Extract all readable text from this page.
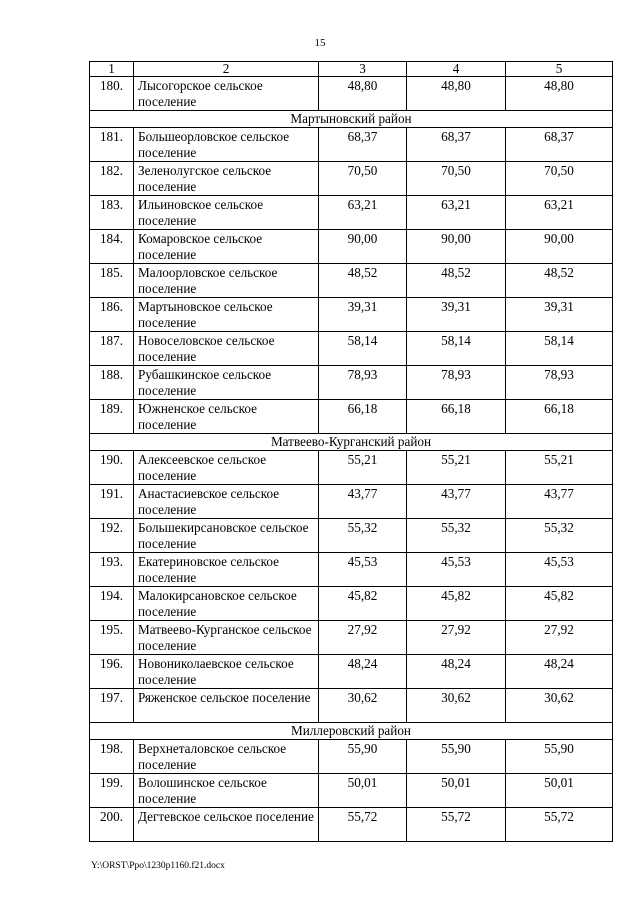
15
1	2	3	4	5
180.	Лысогорское сельское поселение	48,80	48,80	48,80
Мартыновский район				
181.	Большеорловское сельское поселение	68,37	68,37	68,37
182.	Зеленолугское сельское поселение	70,50	70,50	70,50
183.	Ильиновское сельское поселение	63,21	63,21	63,21
184.	Комаровское сельское поселение	90,00	90,00	90,00
185.	Малоорловское сельское поселение	48,52	48,52	48,52
186.	Мартыновское сельское поселение	39,31	39,31	39,31
187.	Новоселовское сельское поселение	58,14	58,14	58,14
188.	Рубашкинское сельское поселение	78,93	78,93	78,93
189.	Южненское сельское поселение	66,18	66,18	66,18
Матвеево-Курганский район				
190.	Алексеевское сельское поселение	55,21	55,21	55,21
191.	Анастасиевское сельское поселение	43,77	43,77	43,77
192.	Большекирсановское сельское поселение	55,32	55,32	55,32
193.	Екатериновское сельское поселение	45,53	45,53	45,53
194.	Малокирсановское сельское поселение	45,82	45,82	45,82
195.	Матвеево-Курганское сельское поселение	27,92	27,92	27,92
196.	Новониколаевское сельское поселение	48,24	48,24	48,24
197.	Ряженское сельское поселение	30,62	30,62	30,62
Миллеровский район				
198.	Верхнеталовское сельское поселение	55,90	55,90	55,90
199.	Волошинское сельское поселение	50,01	50,01	50,01
200.	Дегтевское сельское поселение	55,72	55,72	55,72
Y:\ORST\Ppo\1230p1160.f21.docx
